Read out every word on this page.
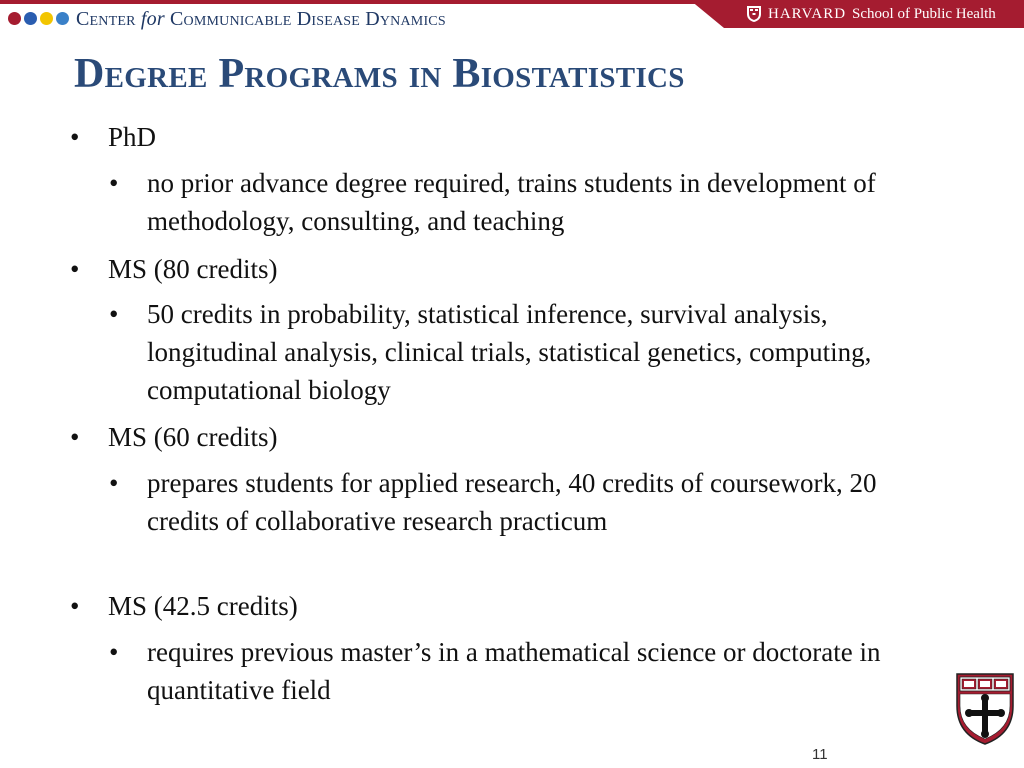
Center for Communicable Disease Dynamics	HARVARD School of Public Health
Degree Programs in Biostatistics
• PhD
• no prior advance degree required, trains students in development of methodology, consulting, and teaching
• MS (80 credits)
• 50 credits in probability, statistical inference, survival analysis, longitudinal analysis, clinical trials, statistical genetics, computing, computational biology
• MS (60 credits)
• prepares students for applied research, 40 credits of coursework, 20 credits of collaborative research practicum
• MS (42.5 credits)
• requires previous master’s in a mathematical science or doctorate in quantitative field
11
